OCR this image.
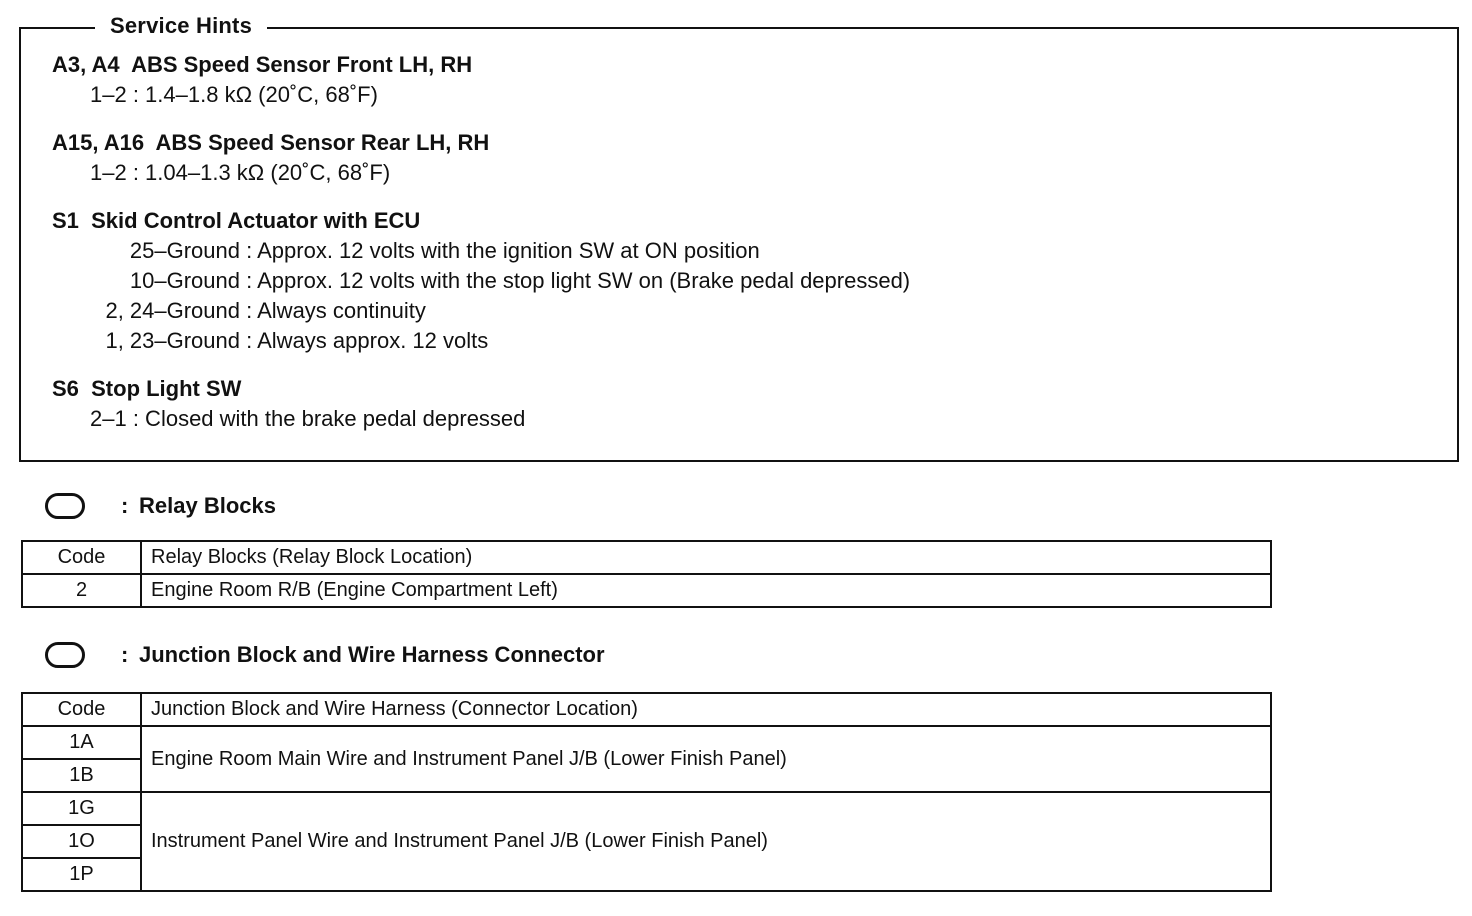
Service Hints
A3, A4  ABS Speed Sensor Front LH, RH
1–2 : 1.4–1.8 kΩ (20˚C, 68˚F)
A15, A16  ABS Speed Sensor Rear LH, RH
1–2 : 1.04–1.3 kΩ (20˚C, 68˚F)
S1  Skid Control Actuator with ECU
25–Ground : Approx. 12 volts with the ignition SW at ON position
10–Ground : Approx. 12 volts with the stop light SW on (Brake pedal depressed)
2, 24–Ground : Always continuity
1, 23–Ground : Always approx. 12 volts
S6  Stop Light SW
2–1 : Closed with the brake pedal depressed
: Relay Blocks
Code	Relay Blocks (Relay Block Location)
2	Engine Room R/B (Engine Compartment Left)
: Junction Block and Wire Harness Connector
Code	Junction Block and Wire Harness (Connector Location)
1A	Engine Room Main Wire and Instrument Panel J/B (Lower Finish Panel)
1B	
1G	Instrument Panel Wire and Instrument Panel J/B (Lower Finish Panel)
1O	
1P	
